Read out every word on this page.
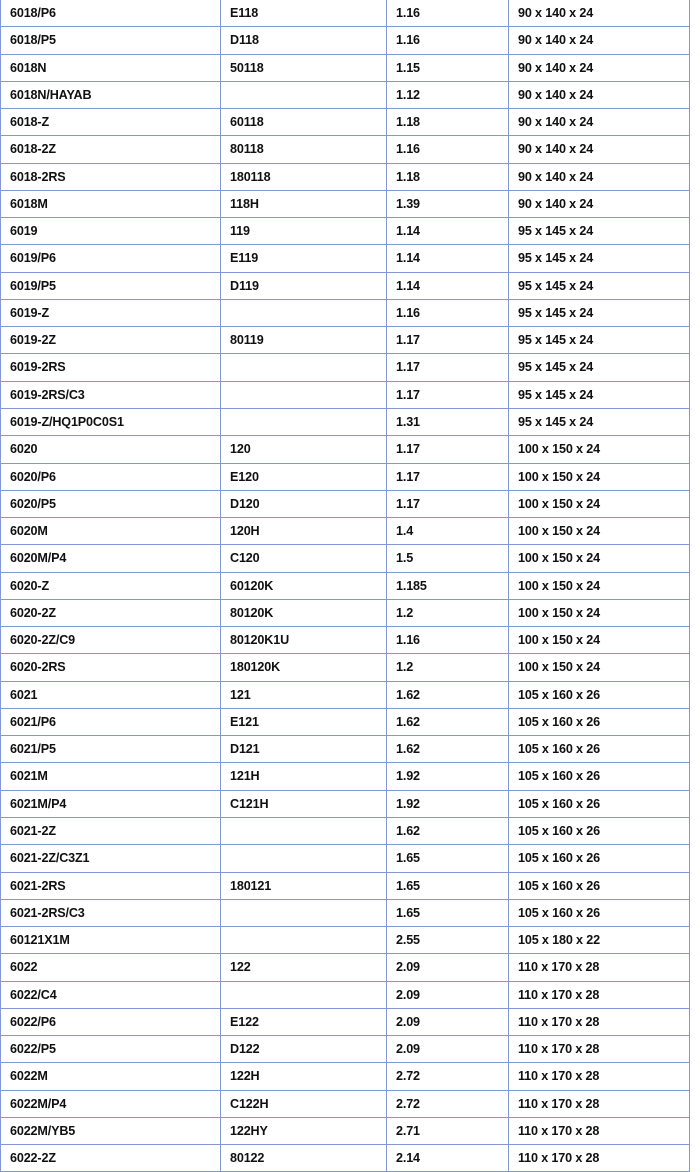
6018/P6	E118	1.16	90 x 140 x 24
6018/P5	D118	1.16	90 x 140 x 24
6018N	50118	1.15	90 x 140 x 24
6018N/HAYAB		1.12	90 x 140 x 24
6018-Z	60118	1.18	90 x 140 x 24
6018-2Z	80118	1.16	90 x 140 x 24
6018-2RS	180118	1.18	90 x 140 x 24
6018M	118H	1.39	90 x 140 x 24
6019	119	1.14	95 x 145 x 24
6019/P6	E119	1.14	95 x 145 x 24
6019/P5	D119	1.14	95 x 145 x 24
6019-Z		1.16	95 x 145 x 24
6019-2Z	80119	1.17	95 x 145 x 24
6019-2RS		1.17	95 x 145 x 24
6019-2RS/C3		1.17	95 x 145 x 24
6019-Z/HQ1P0C0S1		1.31	95 x 145 x 24
6020	120	1.17	100 x 150 x 24
6020/P6	E120	1.17	100 x 150 x 24
6020/P5	D120	1.17	100 x 150 x 24
6020M	120H	1.4	100 x 150 x 24
6020M/P4	C120	1.5	100 x 150 x 24
6020-Z	60120K	1.185	100 x 150 x 24
6020-2Z	80120K	1.2	100 x 150 x 24
6020-2Z/C9	80120K1U	1.16	100 x 150 x 24
6020-2RS	180120K	1.2	100 x 150 x 24
6021	121	1.62	105 x 160 x 26
6021/P6	E121	1.62	105 x 160 x 26
6021/P5	D121	1.62	105 x 160 x 26
6021M	121H	1.92	105 x 160 x 26
6021M/P4	C121H	1.92	105 x 160 x 26
6021-2Z		1.62	105 x 160 x 26
6021-2Z/C3Z1		1.65	105 x 160 x 26
6021-2RS	180121	1.65	105 x 160 x 26
6021-2RS/C3		1.65	105 x 160 x 26
60121X1M		2.55	105 x 180 x 22
6022	122	2.09	110 x 170 x 28
6022/C4		2.09	110 x 170 x 28
6022/P6	E122	2.09	110 x 170 x 28
6022/P5	D122	2.09	110 x 170 x 28
6022M	122H	2.72	110 x 170 x 28
6022M/P4	C122H	2.72	110 x 170 x 28
6022M/YB5	122HY	2.71	110 x 170 x 28
6022-2Z	80122	2.14	110 x 170 x 28
